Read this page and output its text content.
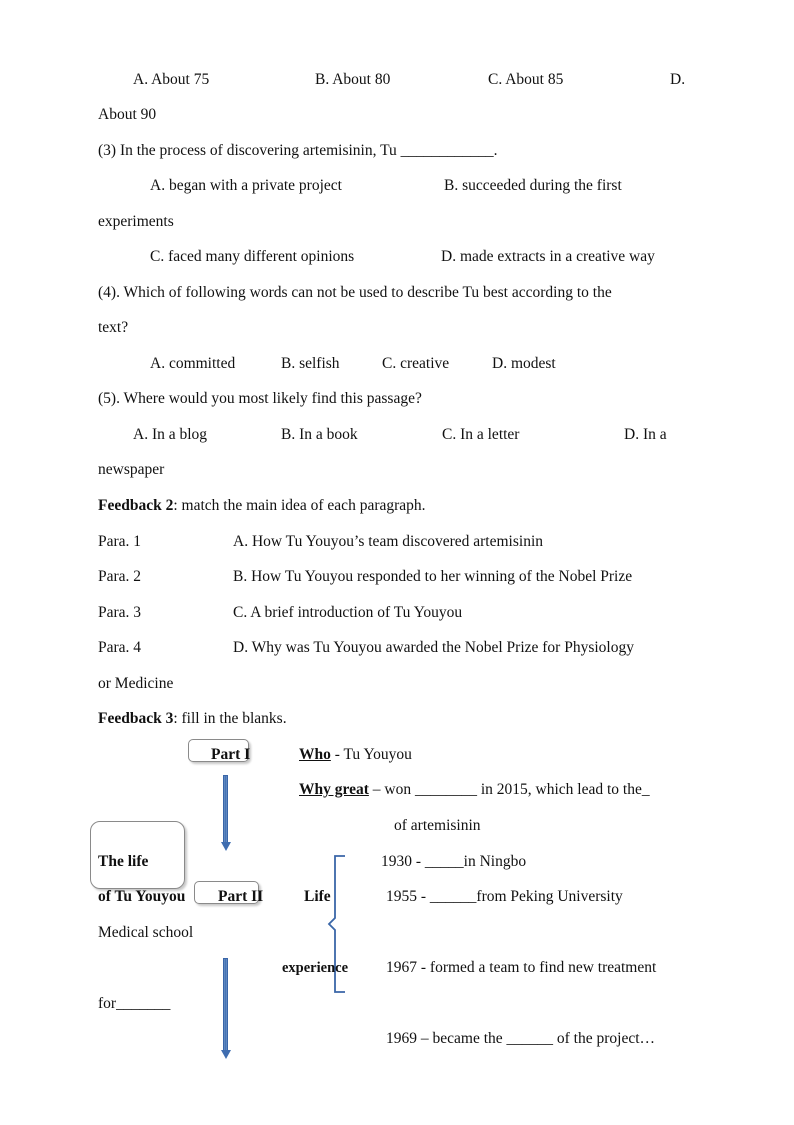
A. About 75	B. About 80	C. About 85	D.
About 90
(3) In the process of discovering artemisinin, Tu ____________.
A. began with a private project	B. succeeded during the first
experiments
C. faced many different opinions	D. made extracts in a creative way
(4). Which of following words can not be used to describe Tu best according to the
text?
A. committed	B. selfish	C. creative	D. modest
(5). Where would you most likely find this passage?
A. In a blog	B. In a book	C. In a letter	D. In a
newspaper
Feedback 2: match the main idea of each paragraph.
Para. 1	A. How Tu Youyou’s team discovered artemisinin
Para. 2	B. How Tu Youyou responded to her winning of the Nobel Prize
Para. 3	C. A brief introduction of Tu Youyou
Para. 4	D. Why was Tu Youyou awarded the Nobel Prize for Physiology
or Medicine
Feedback 3: fill in the blanks.
Part I	Who - Tu Youyou
Why great – won ________ in 2015, which lead to the_
of artemisinin
The life
of Tu Youyou Part II	Life
experience
1930 - _____in Ningbo
1955 - ______from Peking University
Medical school
1967 - formed a team to find new treatment
for_______
1969 – became the ______ of the project…
